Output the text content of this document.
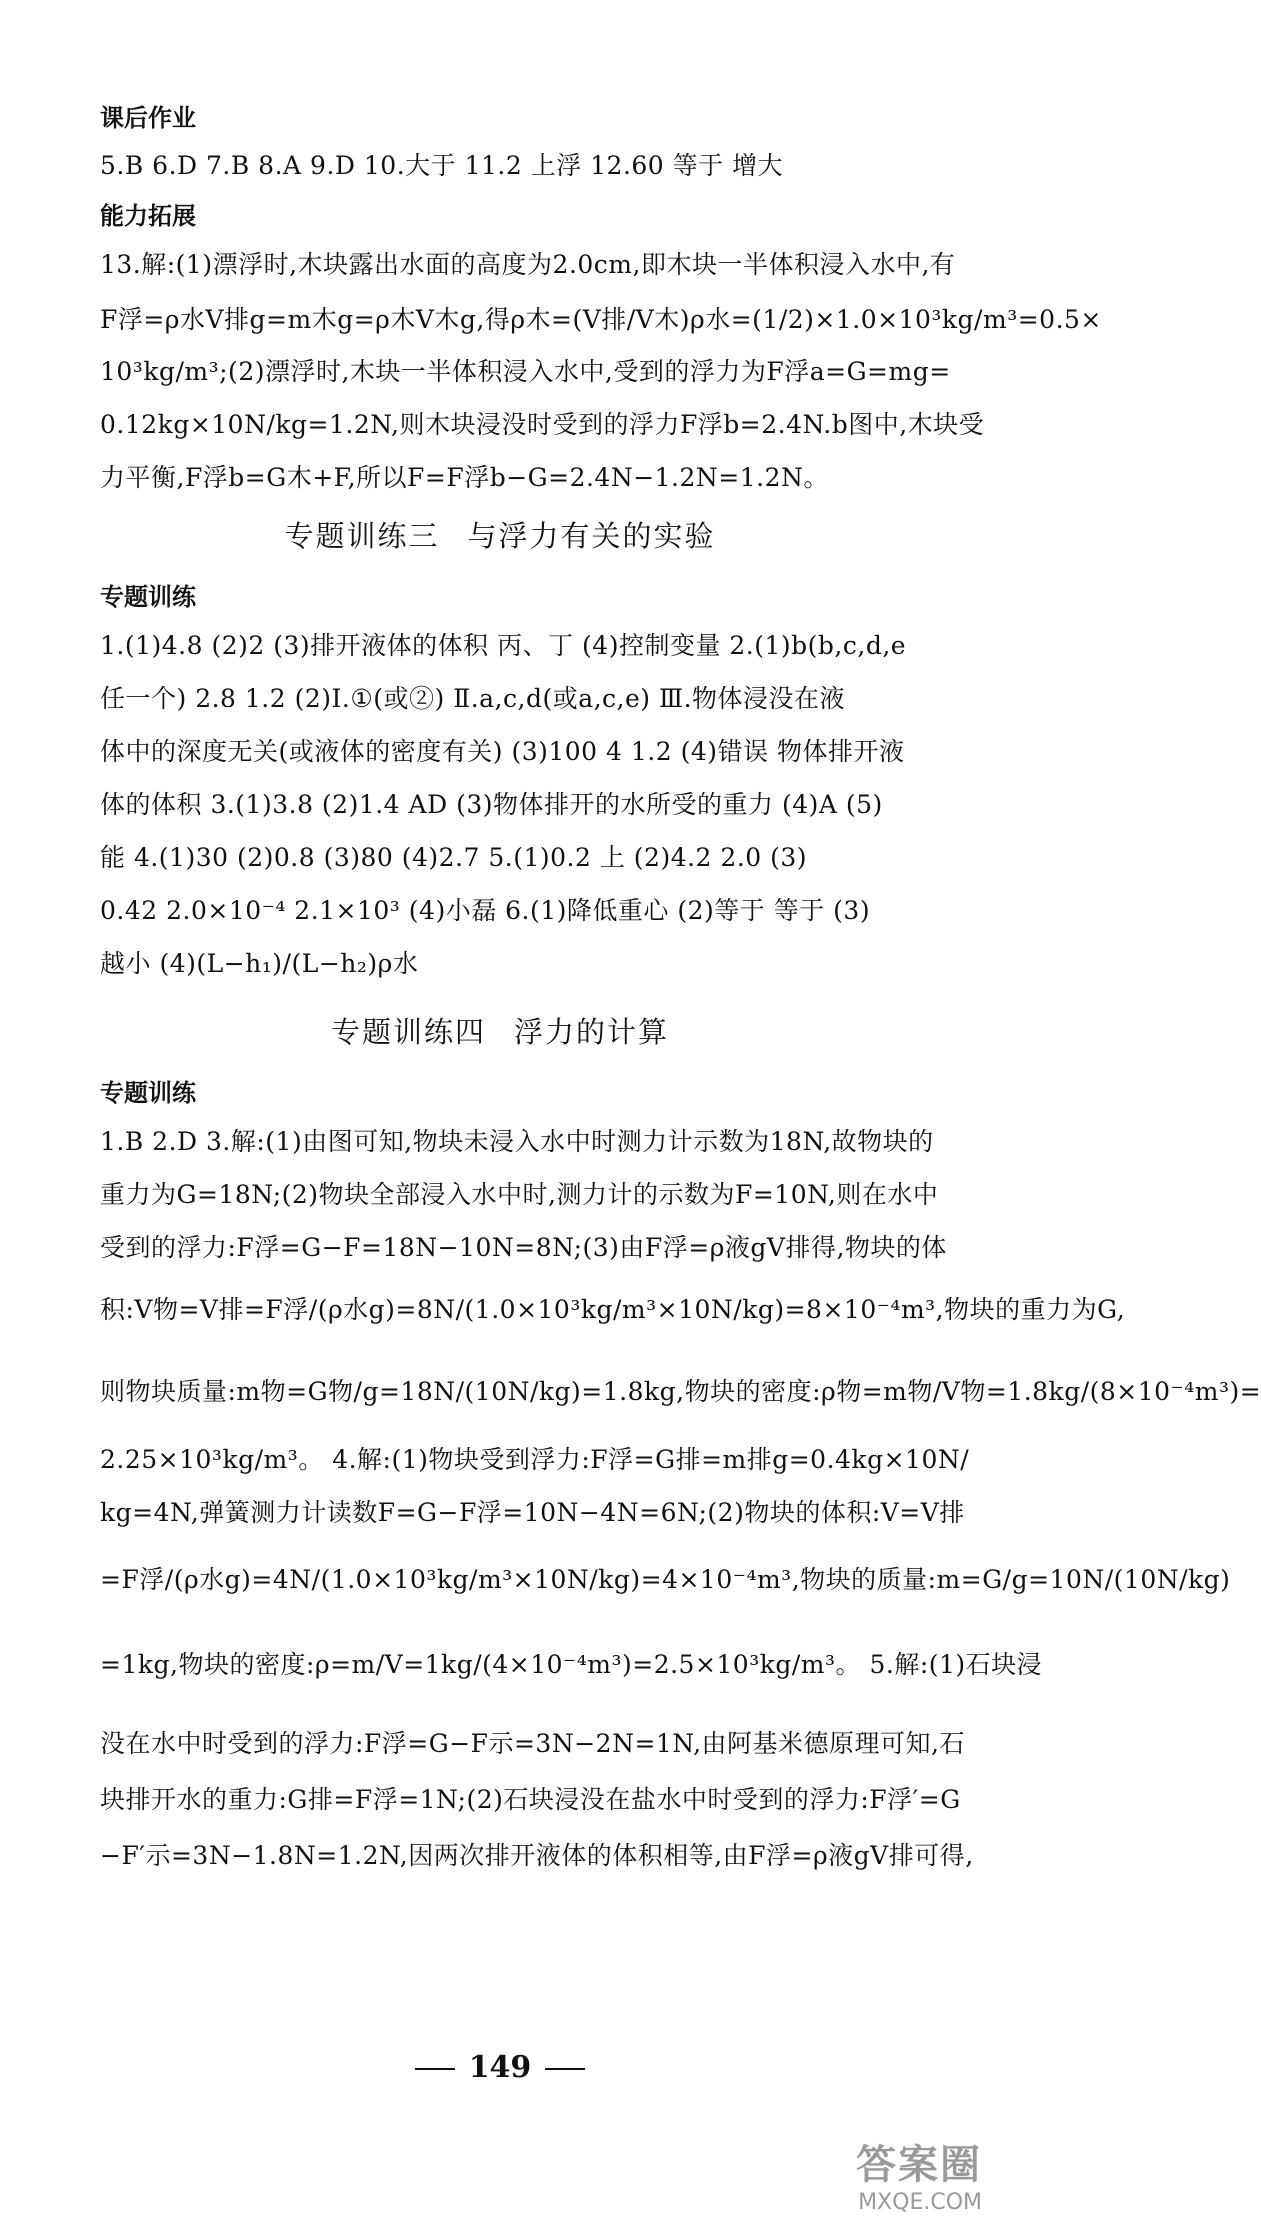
课后作业
5.B 6.D 7.B 8.A 9.D 10.大于 11.2 上浮 12.60 等于 增大
能力拓展
13.解:(1)漂浮时,木块露出水面的高度为2.0cm,即木块一半体积浸入水中,有
F浮=ρ水V排g=m木g=ρ木V木g,得ρ木=(V排/V木)ρ水=(1/2)×1.0×10³kg/m³=0.5×
10³kg/m³;(2)漂浮时,木块一半体积浸入水中,受到的浮力为F浮a=G=mg=
0.12kg×10N/kg=1.2N,则木块浸没时受到的浮力F浮b=2.4N.b图中,木块受
力平衡,F浮b=G木+F,所以F=F浮b−G=2.4N−1.2N=1.2N。
专题训练三 与浮力有关的实验
专题训练
1.(1)4.8 (2)2 (3)排开液体的体积 丙、丁 (4)控制变量 2.(1)b(b,c,d,e
任一个) 2.8 1.2 (2)Ⅰ.①(或②) Ⅱ.a,c,d(或a,c,e) Ⅲ.物体浸没在液
体中的深度无关(或液体的密度有关) (3)100 4 1.2 (4)错误 物体排开液
体的体积 3.(1)3.8 (2)1.4 AD (3)物体排开的水所受的重力 (4)A (5)
能 4.(1)30 (2)0.8 (3)80 (4)2.7 5.(1)0.2 上 (2)4.2 2.0 (3)
0.42 2.0×10⁻⁴ 2.1×10³ (4)小磊 6.(1)降低重心 (2)等于 等于 (3)
越小 (4)(L−h₁)/(L−h₂)ρ水
专题训练四 浮力的计算
专题训练
1.B 2.D 3.解:(1)由图可知,物块未浸入水中时测力计示数为18N,故物块的
重力为G=18N;(2)物块全部浸入水中时,测力计的示数为F=10N,则在水中
受到的浮力:F浮=G−F=18N−10N=8N;(3)由F浮=ρ液gV排得,物块的体
积:V物=V排=F浮/(ρ水g)=8N/(1.0×10³kg/m³×10N/kg)=8×10⁻⁴m³,物块的重力为G,
则物块质量:m物=G物/g=18N/(10N/kg)=1.8kg,物块的密度:ρ物=m物/V物=1.8kg/(8×10⁻⁴m³)=
2.25×10³kg/m³。 4.解:(1)物块受到浮力:F浮=G排=m排g=0.4kg×10N/
kg=4N,弹簧测力计读数F=G−F浮=10N−4N=6N;(2)物块的体积:V=V排
=F浮/(ρ水g)=4N/(1.0×10³kg/m³×10N/kg)=4×10⁻⁴m³,物块的质量:m=G/g=10N/(10N/kg)
=1kg,物块的密度:ρ=m/V=1kg/(4×10⁻⁴m³)=2.5×10³kg/m³。 5.解:(1)石块浸
没在水中时受到的浮力:F浮=G−F示=3N−2N=1N,由阿基米德原理可知,石
块排开水的重力:G排=F浮=1N;(2)石块浸没在盐水中时受到的浮力:F浮′=G
−F′示=3N−1.8N=1.2N,因两次排开液体的体积相等,由F浮=ρ液gV排可得,
149
答案圈
MXQE.COM
